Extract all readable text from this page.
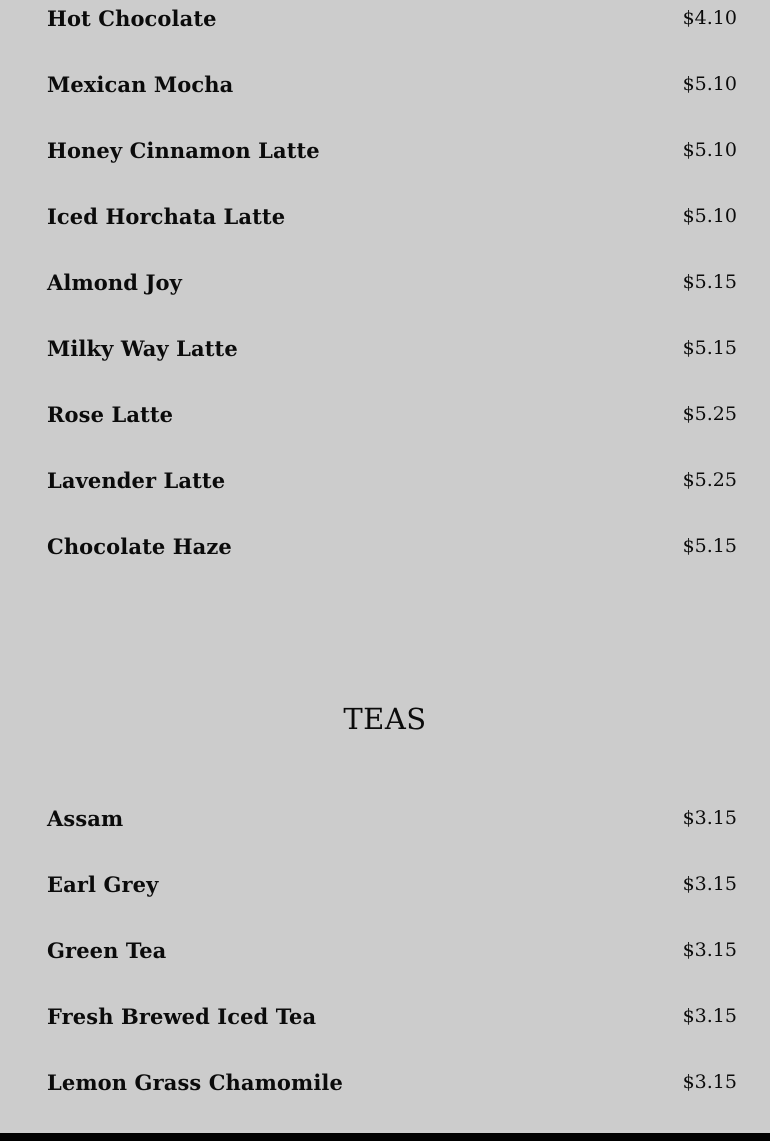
Hot Chocolate	$4.10
Mexican Mocha	$5.10
Honey Cinnamon Latte	$5.10
Iced Horchata Latte	$5.10
Almond Joy	$5.15
Milky Way Latte	$5.15
Rose Latte	$5.25
Lavender Latte	$5.25
Chocolate Haze	$5.15
TEAS
Assam	$3.15
Earl Grey	$3.15
Green Tea	$3.15
Fresh Brewed Iced Tea	$3.15
Lemon Grass Chamomile	$3.15
